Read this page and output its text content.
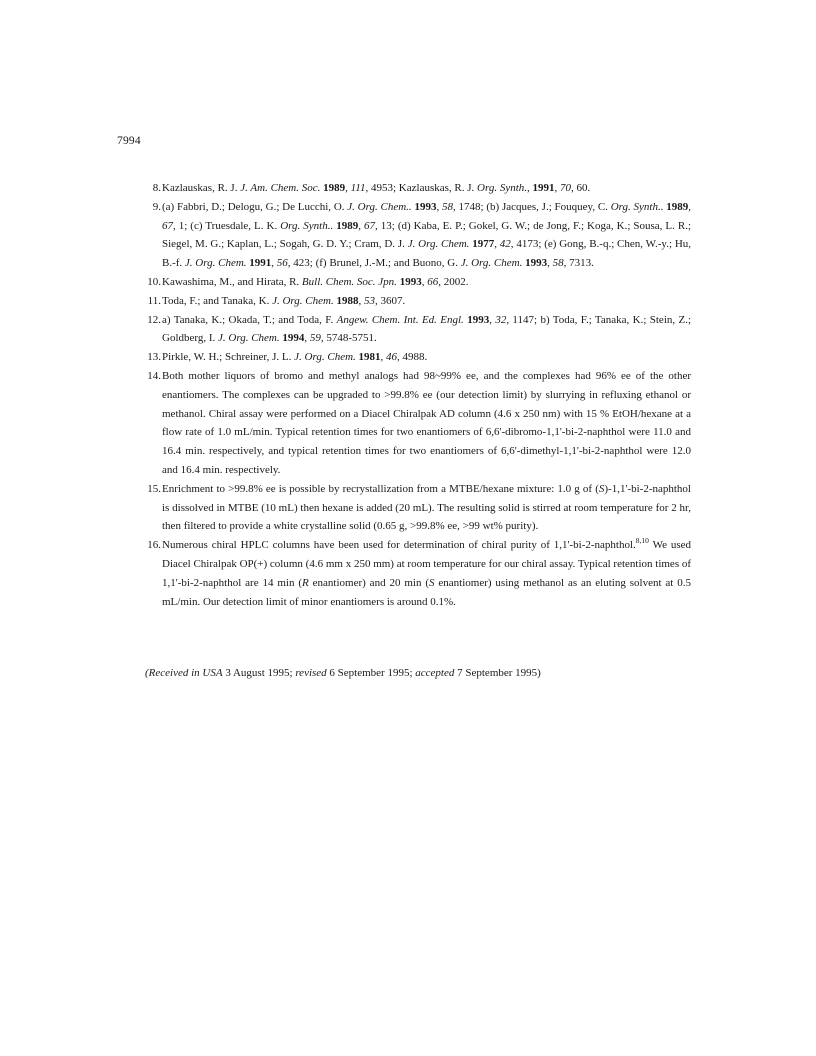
7994
8. Kazlauskas, R. J. J. Am. Chem. Soc. 1989, 111, 4953; Kazlauskas, R. J. Org. Synth., 1991, 70, 60.
9. (a) Fabbri, D.; Delogu, G.; De Lucchi, O. J. Org. Chem.. 1993, 58, 1748; (b) Jacques, J.; Fouquey, C. Org. Synth.. 1989, 67, 1; (c) Truesdale, L. K. Org. Synth.. 1989, 67, 13; (d) Kaba, E. P.; Gokel, G. W.; de Jong, F.; Koga, K.; Sousa, L. R.; Siegel, M. G.; Kaplan, L.; Sogah, G. D. Y.; Cram, D. J. J. Org. Chem. 1977, 42, 4173; (e) Gong, B.-q.; Chen, W.-y.; Hu, B.-f. J. Org. Chem. 1991, 56, 423; (f) Brunel, J.-M.; and Buono, G. J. Org. Chem. 1993, 58, 7313.
10. Kawashima, M., and Hirata, R. Bull. Chem. Soc. Jpn. 1993, 66, 2002.
11. Toda, F.; and Tanaka, K. J. Org. Chem. 1988, 53, 3607.
12. a) Tanaka, K.; Okada, T.; and Toda, F. Angew. Chem. Int. Ed. Engl. 1993, 32, 1147; b) Toda, F.; Tanaka, K.; Stein, Z.; Goldberg, I. J. Org. Chem. 1994, 59, 5748-5751.
13. Pirkle, W. H.; Schreiner, J. L. J. Org. Chem. 1981, 46, 4988.
14. Both mother liquors of bromo and methyl analogs had 98~99% ee, and the complexes had 96% ee of the other enantiomers. The complexes can be upgraded to >99.8% ee (our detection limit) by slurrying in refluxing ethanol or methanol. Chiral assay were performed on a Diacel Chiralpak AD column (4.6 x 250 nm) with 15 % EtOH/hexane at a flow rate of 1.0 mL/min. Typical retention times for two enantiomers of 6,6'-dibromo-1,1'-bi-2-naphthol were 11.0 and 16.4 min. respectively, and typical retention times for two enantiomers of 6,6'-dimethyl-1,1'-bi-2-naphthol were 12.0 and 16.4 min. respectively.
15. Enrichment to >99.8% ee is possible by recrystallization from a MTBE/hexane mixture: 1.0 g of (S)-1,1'-bi-2-naphthol is dissolved in MTBE (10 mL) then hexane is added (20 mL). The resulting solid is stirred at room temperature for 2 hr, then filtered to provide a white crystalline solid (0.65 g, >99.8% ee, >99 wt% purity).
16. Numerous chiral HPLC columns have been used for determination of chiral purity of 1,1'-bi-2-naphthol.$^{8,10}$ We used Diacel Chiralpak OP(+) column (4.6 mm x 250 mm) at room temperature for our chiral assay. Typical retention times of 1,1'-bi-2-naphthol are 14 min (R enantiomer) and 20 min (S enantiomer) using methanol as an eluting solvent at 0.5 mL/min. Our detection limit of minor enantiomers is around 0.1%.
(Received in USA 3 August 1995; revised 6 September 1995; accepted 7 September 1995)
